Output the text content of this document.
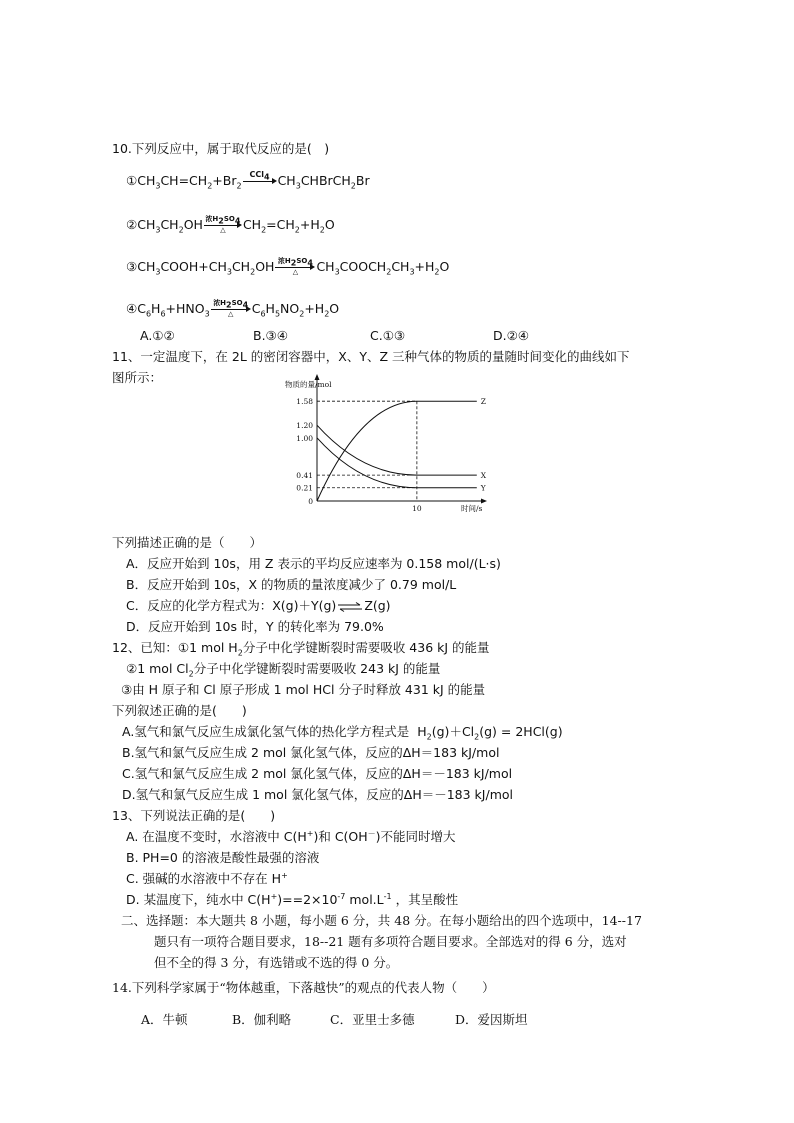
10.下列反应中，属于取代反应的是(　)
$①CH_3CH=CH_2+Br_2$
CCl$_4$ $CH_3CHBrCH_2Br$
$②CH_3CH_2OH$ 浓$H_2SO_4$
△	$CH_2=CH_2+H_2O$
$③CH_3COOH+CH_3CH_2OH$ 浓$H_2SO_4$
△	$CH_3COOCH_2CH_3+H_2O$
$④C_6H_6+HNO_3$
浓$H_2SO_4$
△	$C_6H_5NO_2+H_2O$
A.①②	B.③④	C.①③	D.②④
11、一定温度下，在 2L 的密闭容器中，X、Y、Z 三种气体的物质的量随时间变化的曲线如下
图所示：	物质的量/mol
时间/s
1.58
1.20
1.00
0.41
0.21
0
10
Z
X
Y
下列描述正确的是（　　）
A．反应开始到 10s，用 Z 表示的平均反应速率为 0.158 mol/(L·s)
B．反应开始到 10s，X 的物质的量浓度减少了 0.79 mol/L
C．反应的化学方程式为：X(g)＋Y(g)⇌Z(g)
D．反应开始到 10s 时，Y 的转化率为 79.0%
12、已知：①1 mol $H_2$分子中化学键断裂时需要吸收 436 kJ 的能量
②1 mol $Cl_2$分子中化学键断裂时需要吸收 243 kJ 的能量
③由 H 原子和 Cl 原子形成 1 mol HCl 分子时释放 431 kJ 的能量
下列叙述正确的是(　　)
A.氢气和氯气反应生成氯化氢气体的热化学方程式是  $H_2(g)+Cl_2(g) = 2HCl(g)$
B.氢气和氯气反应生成 2 mol 氯化氢气体，反应的ΔH＝183 kJ/mol
C.氢气和氯气反应生成 2 mol 氯化氢气体，反应的ΔH＝－183 kJ/mol
D.氢气和氯气反应生成 1 mol 氯化氢气体，反应的ΔH＝－183 kJ/mol
13、下列说法正确的是(　　)
A. 在温度不变时，水溶液中 C(H+)和 C(OH－)不能同时增大
B. PH=0 的溶液是酸性最强的溶液
C. 强碱的水溶液中不存在 H+
D. 某温度下，纯水中 $C(H^+)==2\times 10^{-7}$ $mol.L^{-1}$ ，其呈酸性
二、选择题：本大题共 8 小题，每小题 6 分，共 48 分。在每小题给出的四个选项中，14--17
题只有一项符合题目要求，18--21 题有多项符合题目要求。全部选对的得 6 分，选对
但不全的得 3 分，有选错或不选的得 0 分。
14.下列科学家属于“物体越重，下落越快”的观点的代表人物（　　）
A．牛顿	B．伽利略	C．亚里士多德	D．爱因斯坦
